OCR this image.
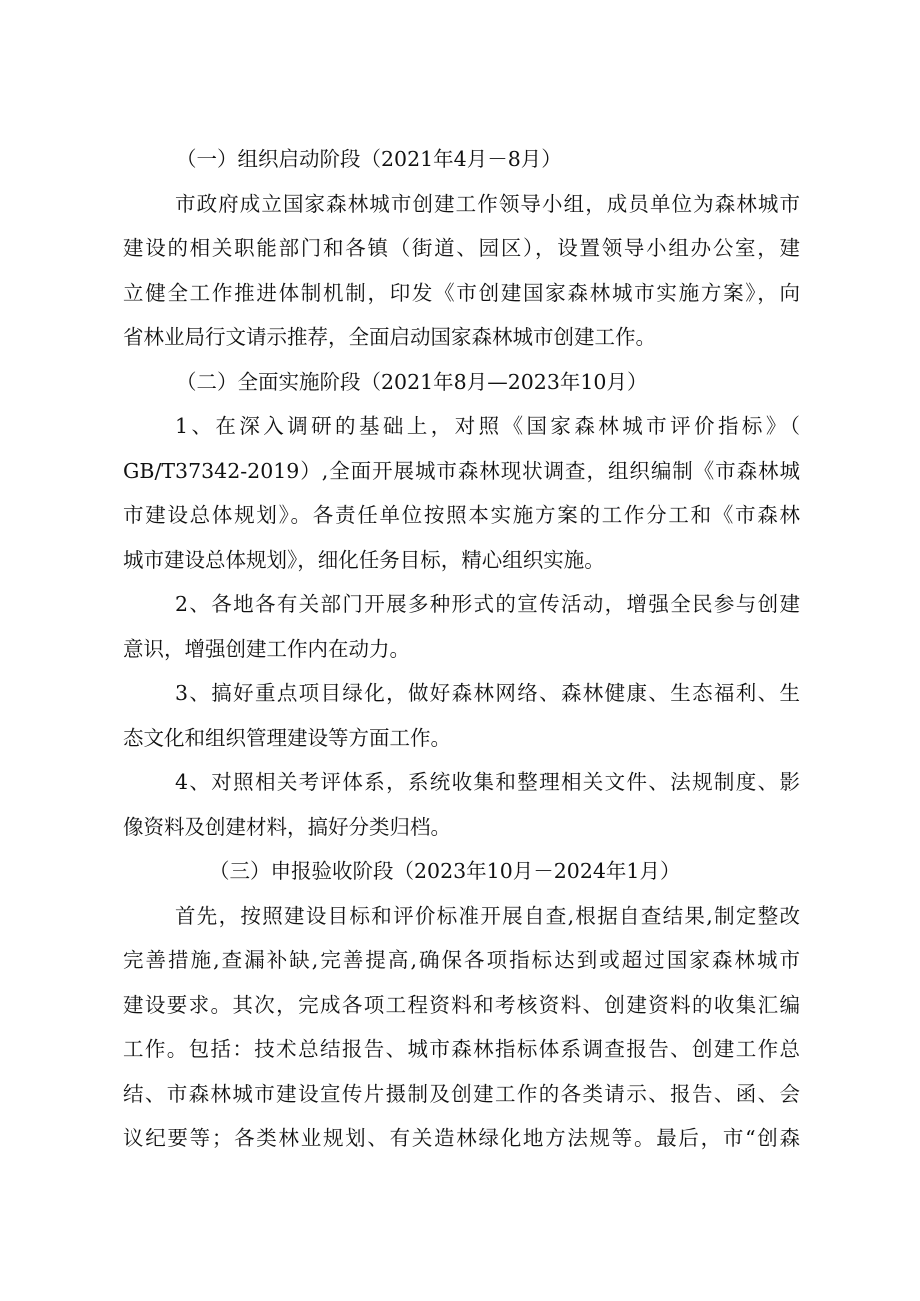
（一）组织启动阶段（2021年4月－8月）
市政府成立国家森林城市创建工作领导小组，成员单位为森林城市
建设的相关职能部门和各镇（街道、园区），设置领导小组办公室，建
立健全工作推进体制机制，印发《市创建国家森林城市实施方案》，向
省林业局行文请示推荐，全面启动国家森林城市创建工作。
（二）全面实施阶段（2021年8月—2023年10月）
1、在深入调研的基础上，对照《国家森林城市评价指标》（
GB/T37342-2019）,全面开展城市森林现状调查，组织编制《市森林城
市建设总体规划》。各责任单位按照本实施方案的工作分工和《市森林
城市建设总体规划》，细化任务目标，精心组织实施。
2、各地各有关部门开展多种形式的宣传活动，增强全民参与创建
意识，增强创建工作内在动力。
3、搞好重点项目绿化，做好森林网络、森林健康、生态福利、生
态文化和组织管理建设等方面工作。
4、对照相关考评体系，系统收集和整理相关文件、法规制度、影
像资料及创建材料，搞好分类归档。
（三）申报验收阶段（2023年10月－2024年1月）
首先，按照建设目标和评价标准开展自查,根据自查结果,制定整改
完善措施,查漏补缺,完善提高,确保各项指标达到或超过国家森林城市
建设要求。其次，完成各项工程资料和考核资料、创建资料的收集汇编
工作。包括：技术总结报告、城市森林指标体系调查报告、创建工作总
结、市森林城市建设宣传片摄制及创建工作的各类请示、报告、函、会
议纪要等；各类林业规划、有关造林绿化地方法规等。最后，市“创森
